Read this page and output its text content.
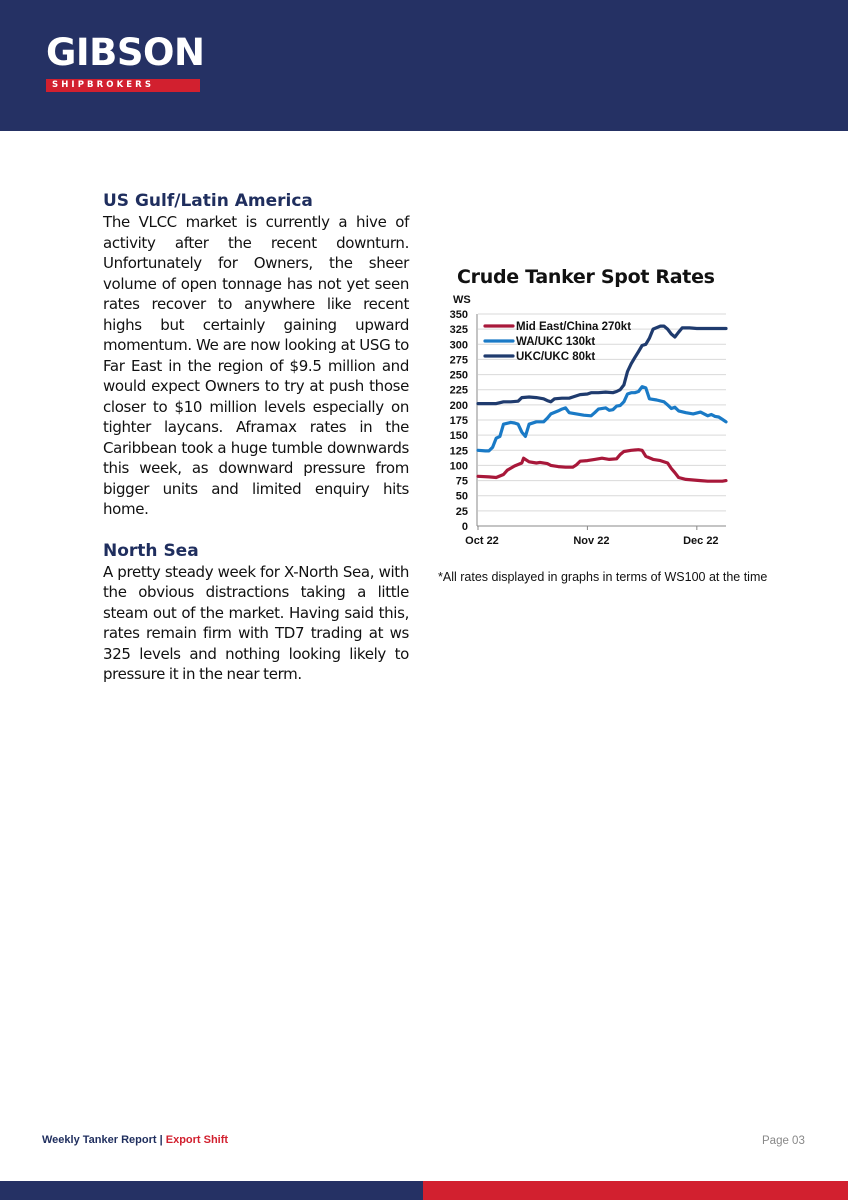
GIBSON
SHIPBROKERS
US Gulf/Latin America

The VLCC market is currently a hive of activity after the recent downturn. Unfortunately for Owners, the sheer volume of open tonnage has not yet seen rates recover to anywhere like recent highs but certainly gaining upward momentum. We are now looking at USG to Far East in the region of $9.5 million and would expect Owners to try at push those closer to $10 million levels especially on tighter laycans. Aframax rates in the Caribbean took a huge tumble downwards this week, as downward pressure from bigger units and limited enquiry hits home.

North Sea

A pretty steady week for X-North Sea, with the obvious distractions taking a little steam out of the market. Having said this, rates remain firm with TD7 trading at ws 325 levels and nothing looking likely to pressure it in the near term.

Crude Tanker Spot Rates
WS
0
25
50
75
100
125
150
175
200
225
250
275
300
325
350
Oct 22	Nov 22	Dec 22
Mid East/China 270kt
WA/UKC 130kt
UKC/UKC 80kt
*All rates displayed in graphs in terms of WS100 at the time
Weekly Tanker Report | Export Shift	Page 03
